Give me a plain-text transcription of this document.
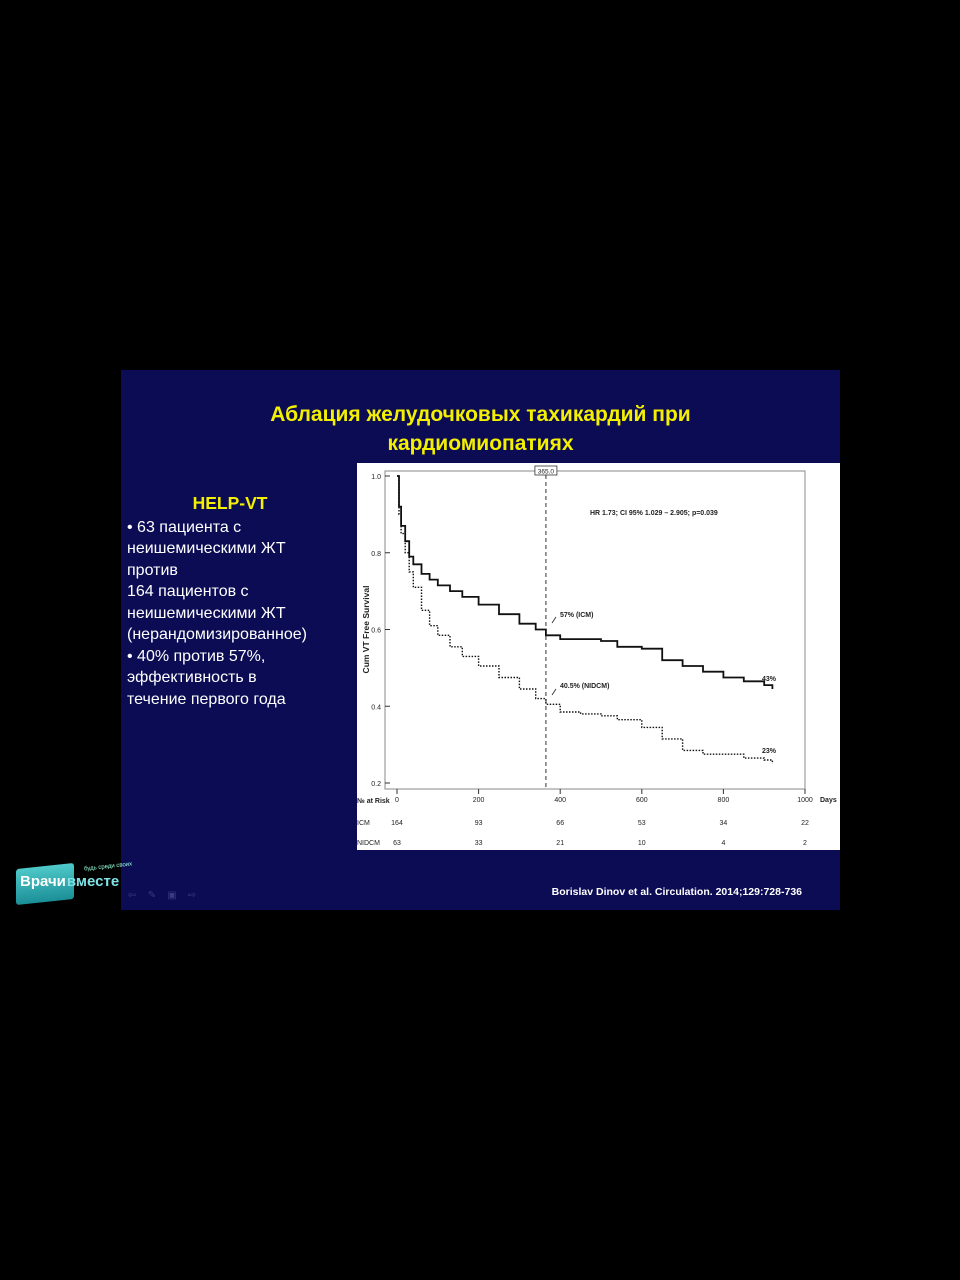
Аблация желудочковых тахикардий при
кардиомиопатиях
HELP-VT
• 63 пациента с
неишемическими ЖТ
против
164 пациентов с
неишемическими ЖТ
(нерандомизированное)
• 40% против 57%,
эффективность в
течение первого года
0.2
0.4
0.6
0.8
1.0
0	200	400	600	800	1000 Days
Cum VT Free Survival
365.0
HR 1.73; CI 95% 1.029 – 2.905; p=0.039
57% (ICM)
40.5% (NIDCM)
43%
23%
№ at Risk
ICM	164	93	66	53	34	22
NIDCM 63	33	21	10	4	2
⇦ ✎ ▣ ⇨	Borislav Dinov et al. Circulation. 2014;129:728-736
Врачивместе
будь среди своих
